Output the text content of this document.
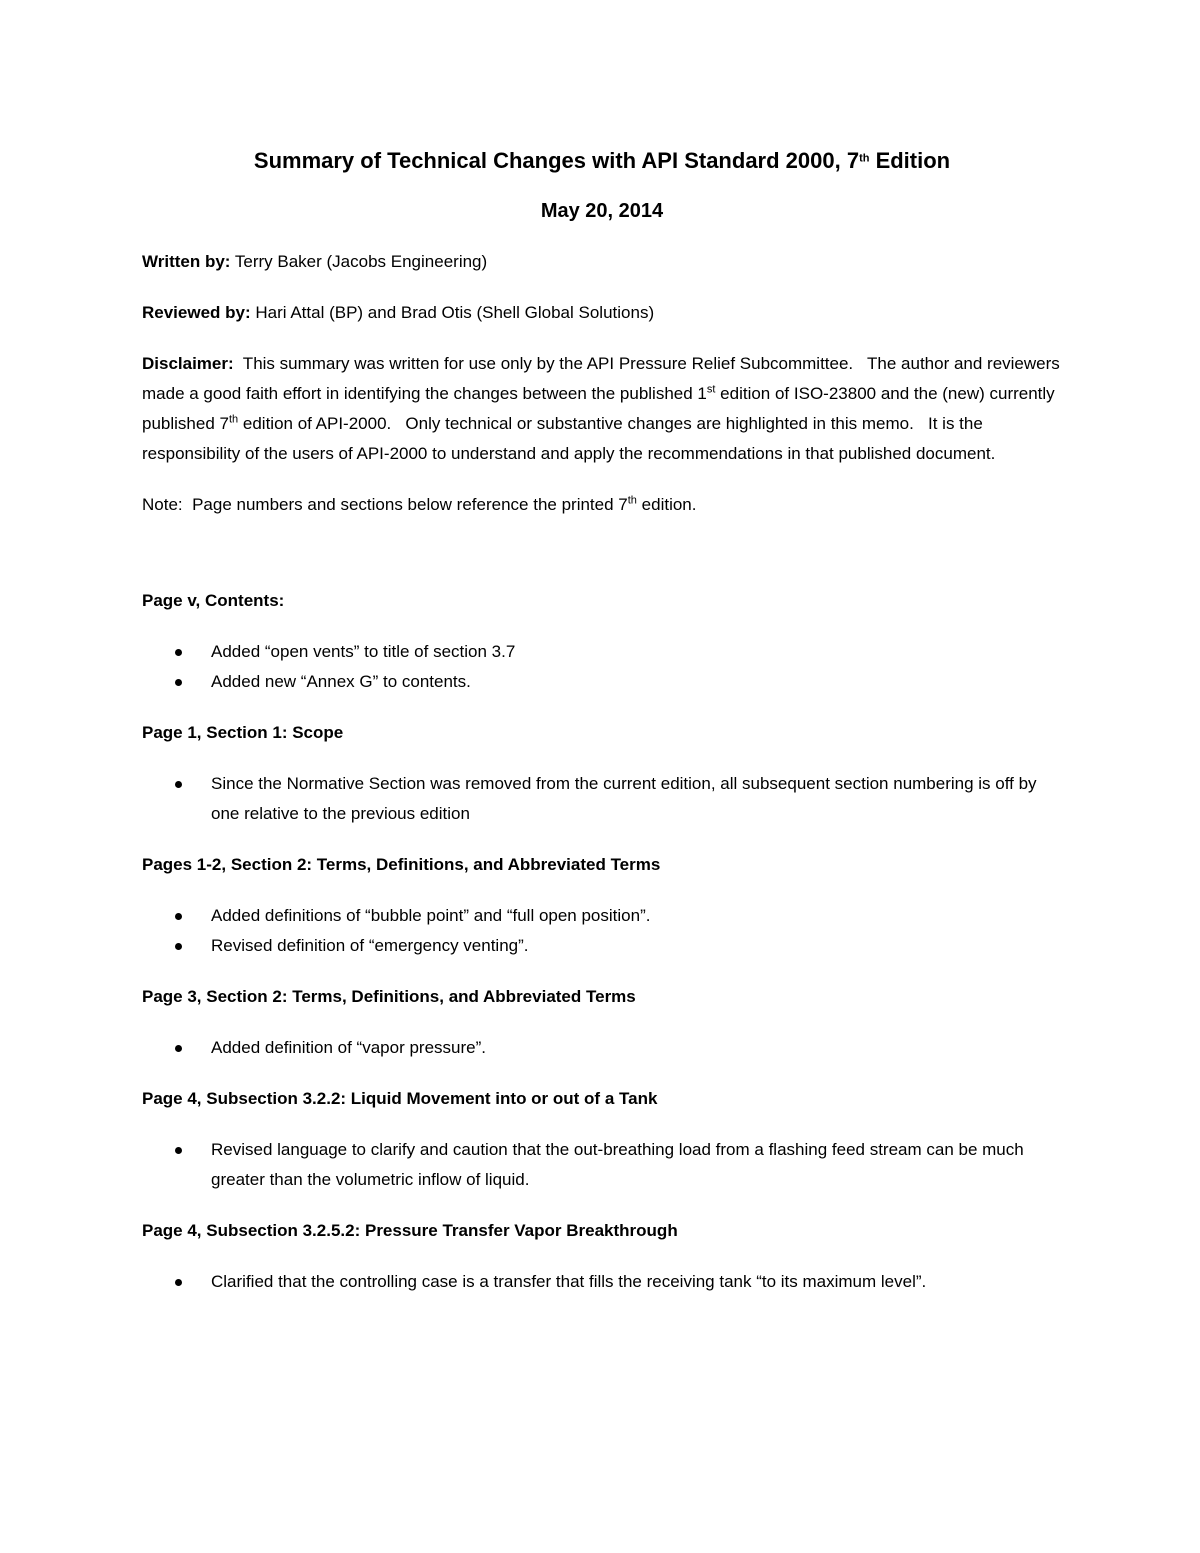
Summary of Technical Changes with API Standard 2000, 7th Edition
May 20, 2014
Written by: Terry Baker (Jacobs Engineering)
Reviewed by: Hari Attal (BP) and Brad Otis (Shell Global Solutions)
Disclaimer:  This summary was written for use only by the API Pressure Relief Subcommittee.   The author and reviewers made a good faith effort in identifying the changes between the published 1st edition of ISO-23800 and the (new) currently published 7th edition of API-2000.   Only technical or substantive changes are highlighted in this memo.   It is the responsibility of the users of API-2000 to understand and apply the recommendations in that published document.
Note:  Page numbers and sections below reference the printed 7th edition.
Page v, Contents:
Added “open vents” to title of section 3.7
Added new “Annex G” to contents.
Page 1, Section 1: Scope
Since the Normative Section was removed from the current edition, all subsequent section numbering is off by one relative to the previous edition
Pages 1-2, Section 2: Terms, Definitions, and Abbreviated Terms
Added definitions of “bubble point” and “full open position”.
Revised definition of “emergency venting”.
Page 3, Section 2: Terms, Definitions, and Abbreviated Terms
Added definition of “vapor pressure”.
Page 4, Subsection 3.2.2: Liquid Movement into or out of a Tank
Revised language to clarify and caution that the out-breathing load from a flashing feed stream can be much greater than the volumetric inflow of liquid.
Page 4, Subsection 3.2.5.2: Pressure Transfer Vapor Breakthrough
Clarified that the controlling case is a transfer that fills the receiving tank “to its maximum level”.
